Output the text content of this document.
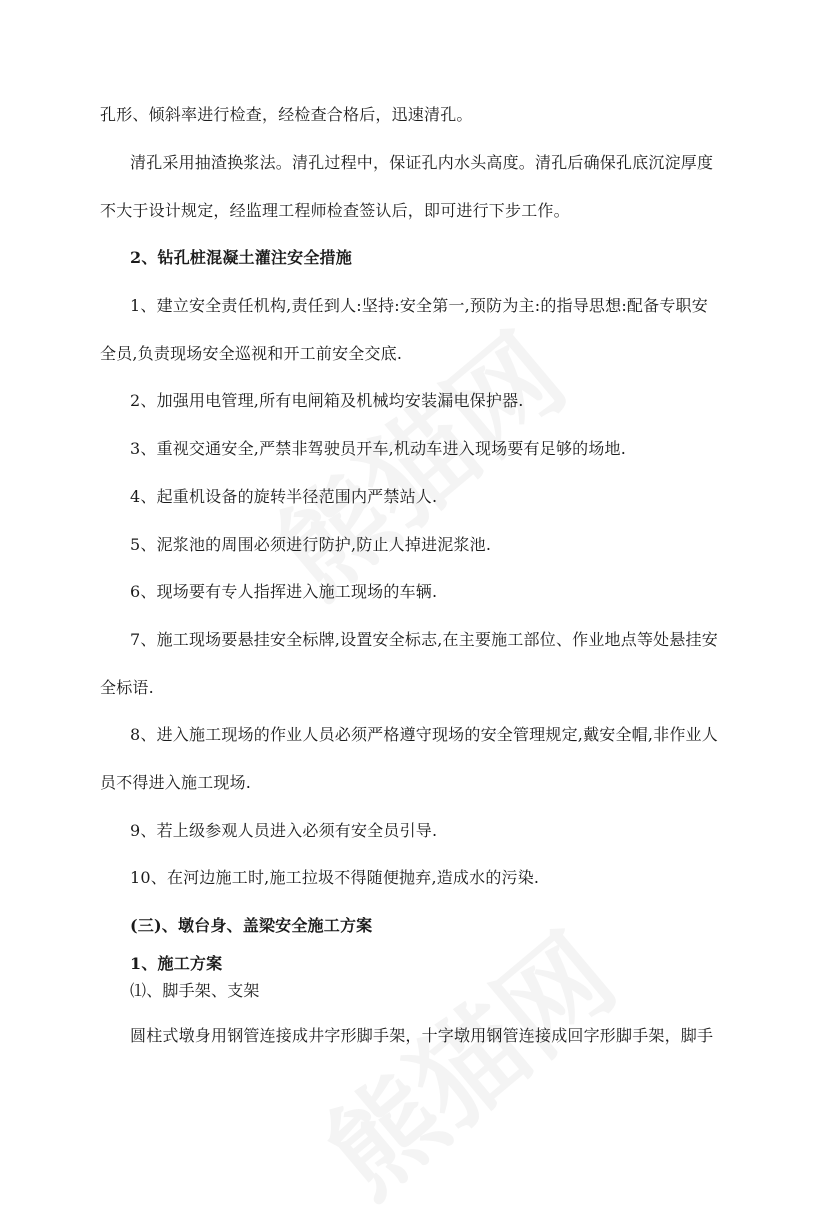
孔形、倾斜率进行检查，经检查合格后，迅速清孔。
清孔采用抽渣换浆法。清孔过程中，保证孔内水头高度。清孔后确保孔底沉淀厚度
不大于设计规定，经监理工程师检查签认后，即可进行下步工作。
2、钻孔桩混凝土灌注安全措施
1、建立安全责任机构,责任到人:坚持:安全第一,预防为主:的指导思想:配备专职安
全员,负责现场安全巡视和开工前安全交底.
2、加强用电管理,所有电闸箱及机械均安装漏电保护器.
3、重视交通安全,严禁非驾驶员开车,机动车进入现场要有足够的场地.
4、起重机设备的旋转半径范围内严禁站人.
5、泥浆池的周围必须进行防护,防止人掉进泥浆池.
6、现场要有专人指挥进入施工现场的车辆.
7、施工现场要悬挂安全标牌,设置安全标志,在主要施工部位、作业地点等处悬挂安
全标语.
8、进入施工现场的作业人员必须严格遵守现场的安全管理规定,戴安全帽,非作业人
员不得进入施工现场.
9、若上级参观人员进入必须有安全员引导.
10、在河边施工时,施工拉圾不得随便抛弃,造成水的污染.
(三)、墩台身、盖梁安全施工方案
1、施工方案
⑴、脚手架、支架
圆柱式墩身用钢管连接成井字形脚手架，十字墩用钢管连接成回字形脚手架，脚手
